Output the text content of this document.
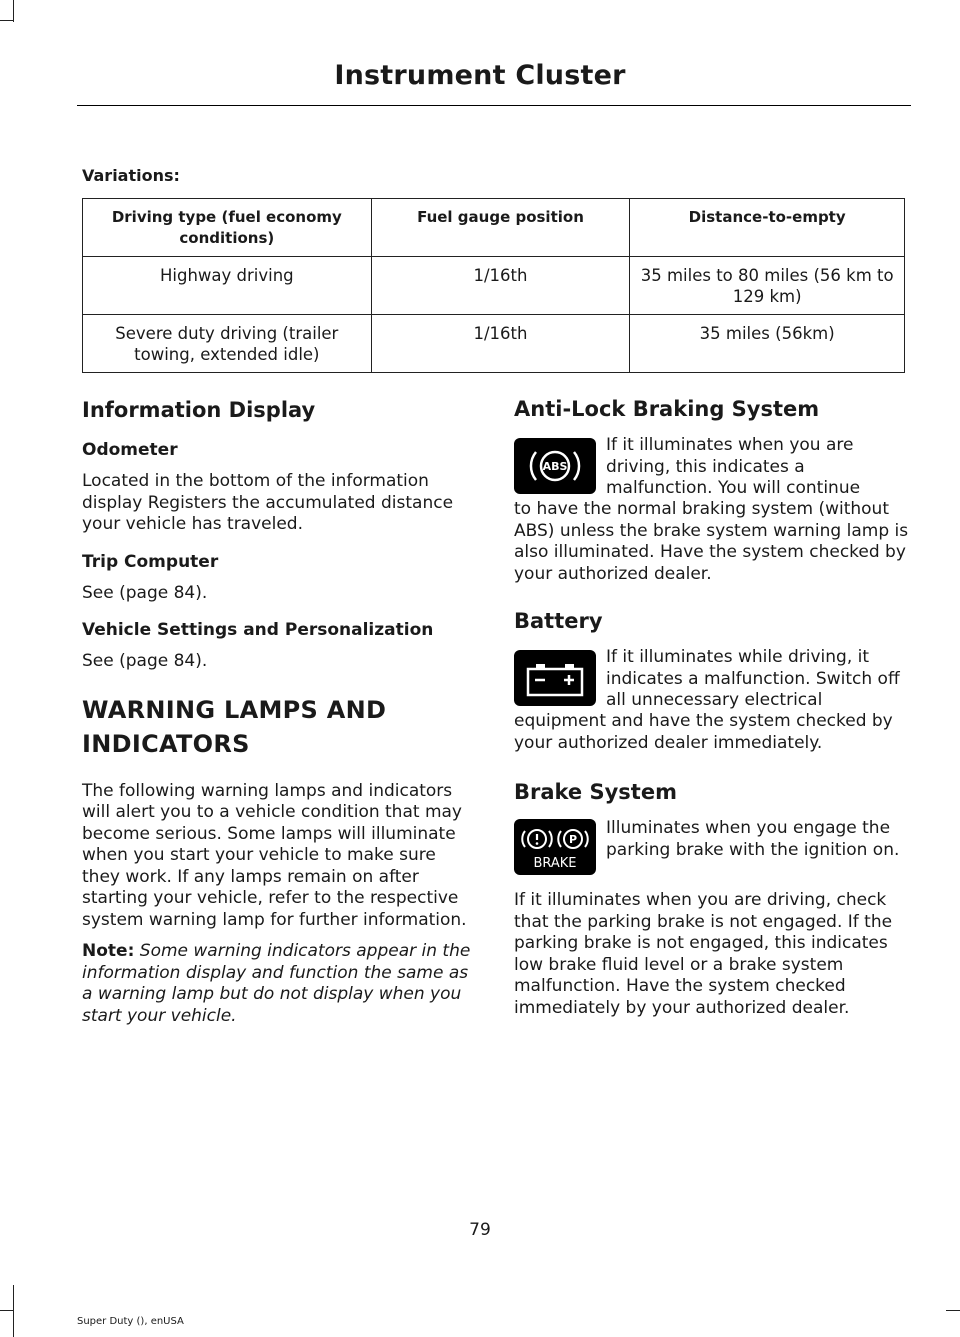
Instrument Cluster
Variations:
Driving type (fuel economy conditions)	Fuel gauge position	Distance-to-empty
Highway driving	1/16th	35 miles to 80 miles (56 km to 129 km)
Severe duty driving (trailer towing, extended idle)	1/16th	35 miles (56km)
Information Display
Odometer
Located in the bottom of the information display Registers the accumulated distance your vehicle has traveled.
Trip Computer
See (page 84).
Vehicle Settings and Personalization
See (page 84).
WARNING LAMPS AND
INDICATORS
The following warning lamps and indicators will alert you to a vehicle condition that may become serious. Some lamps will illuminate when you start your vehicle to make sure they work. If any lamps remain on after starting your vehicle, refer to the respective system warning lamp for further information.
Note: Some warning indicators appear in the information display and function the same as a warning lamp but do not display when you start your vehicle.
Anti-Lock Braking System
ABS
If it illuminates when you are driving, this indicates a malfunction. You will continue
to have the normal braking system (without ABS) unless the brake system warning lamp is also illuminated. Have the system checked by your authorized dealer.
Battery
If it illuminates while driving, it indicates a malfunction. Switch off all unnecessary electrical
equipment and have the system checked by your authorized dealer immediately.
Brake System
P
BRAKE
Illuminates when you engage the parking brake with the ignition on.
If it illuminates when you are driving, check that the parking brake is not engaged. If the parking brake is not engaged, this indicates low brake fluid level or a brake system malfunction. Have the system checked immediately by your authorized dealer.
79
Super Duty (), enUSA
